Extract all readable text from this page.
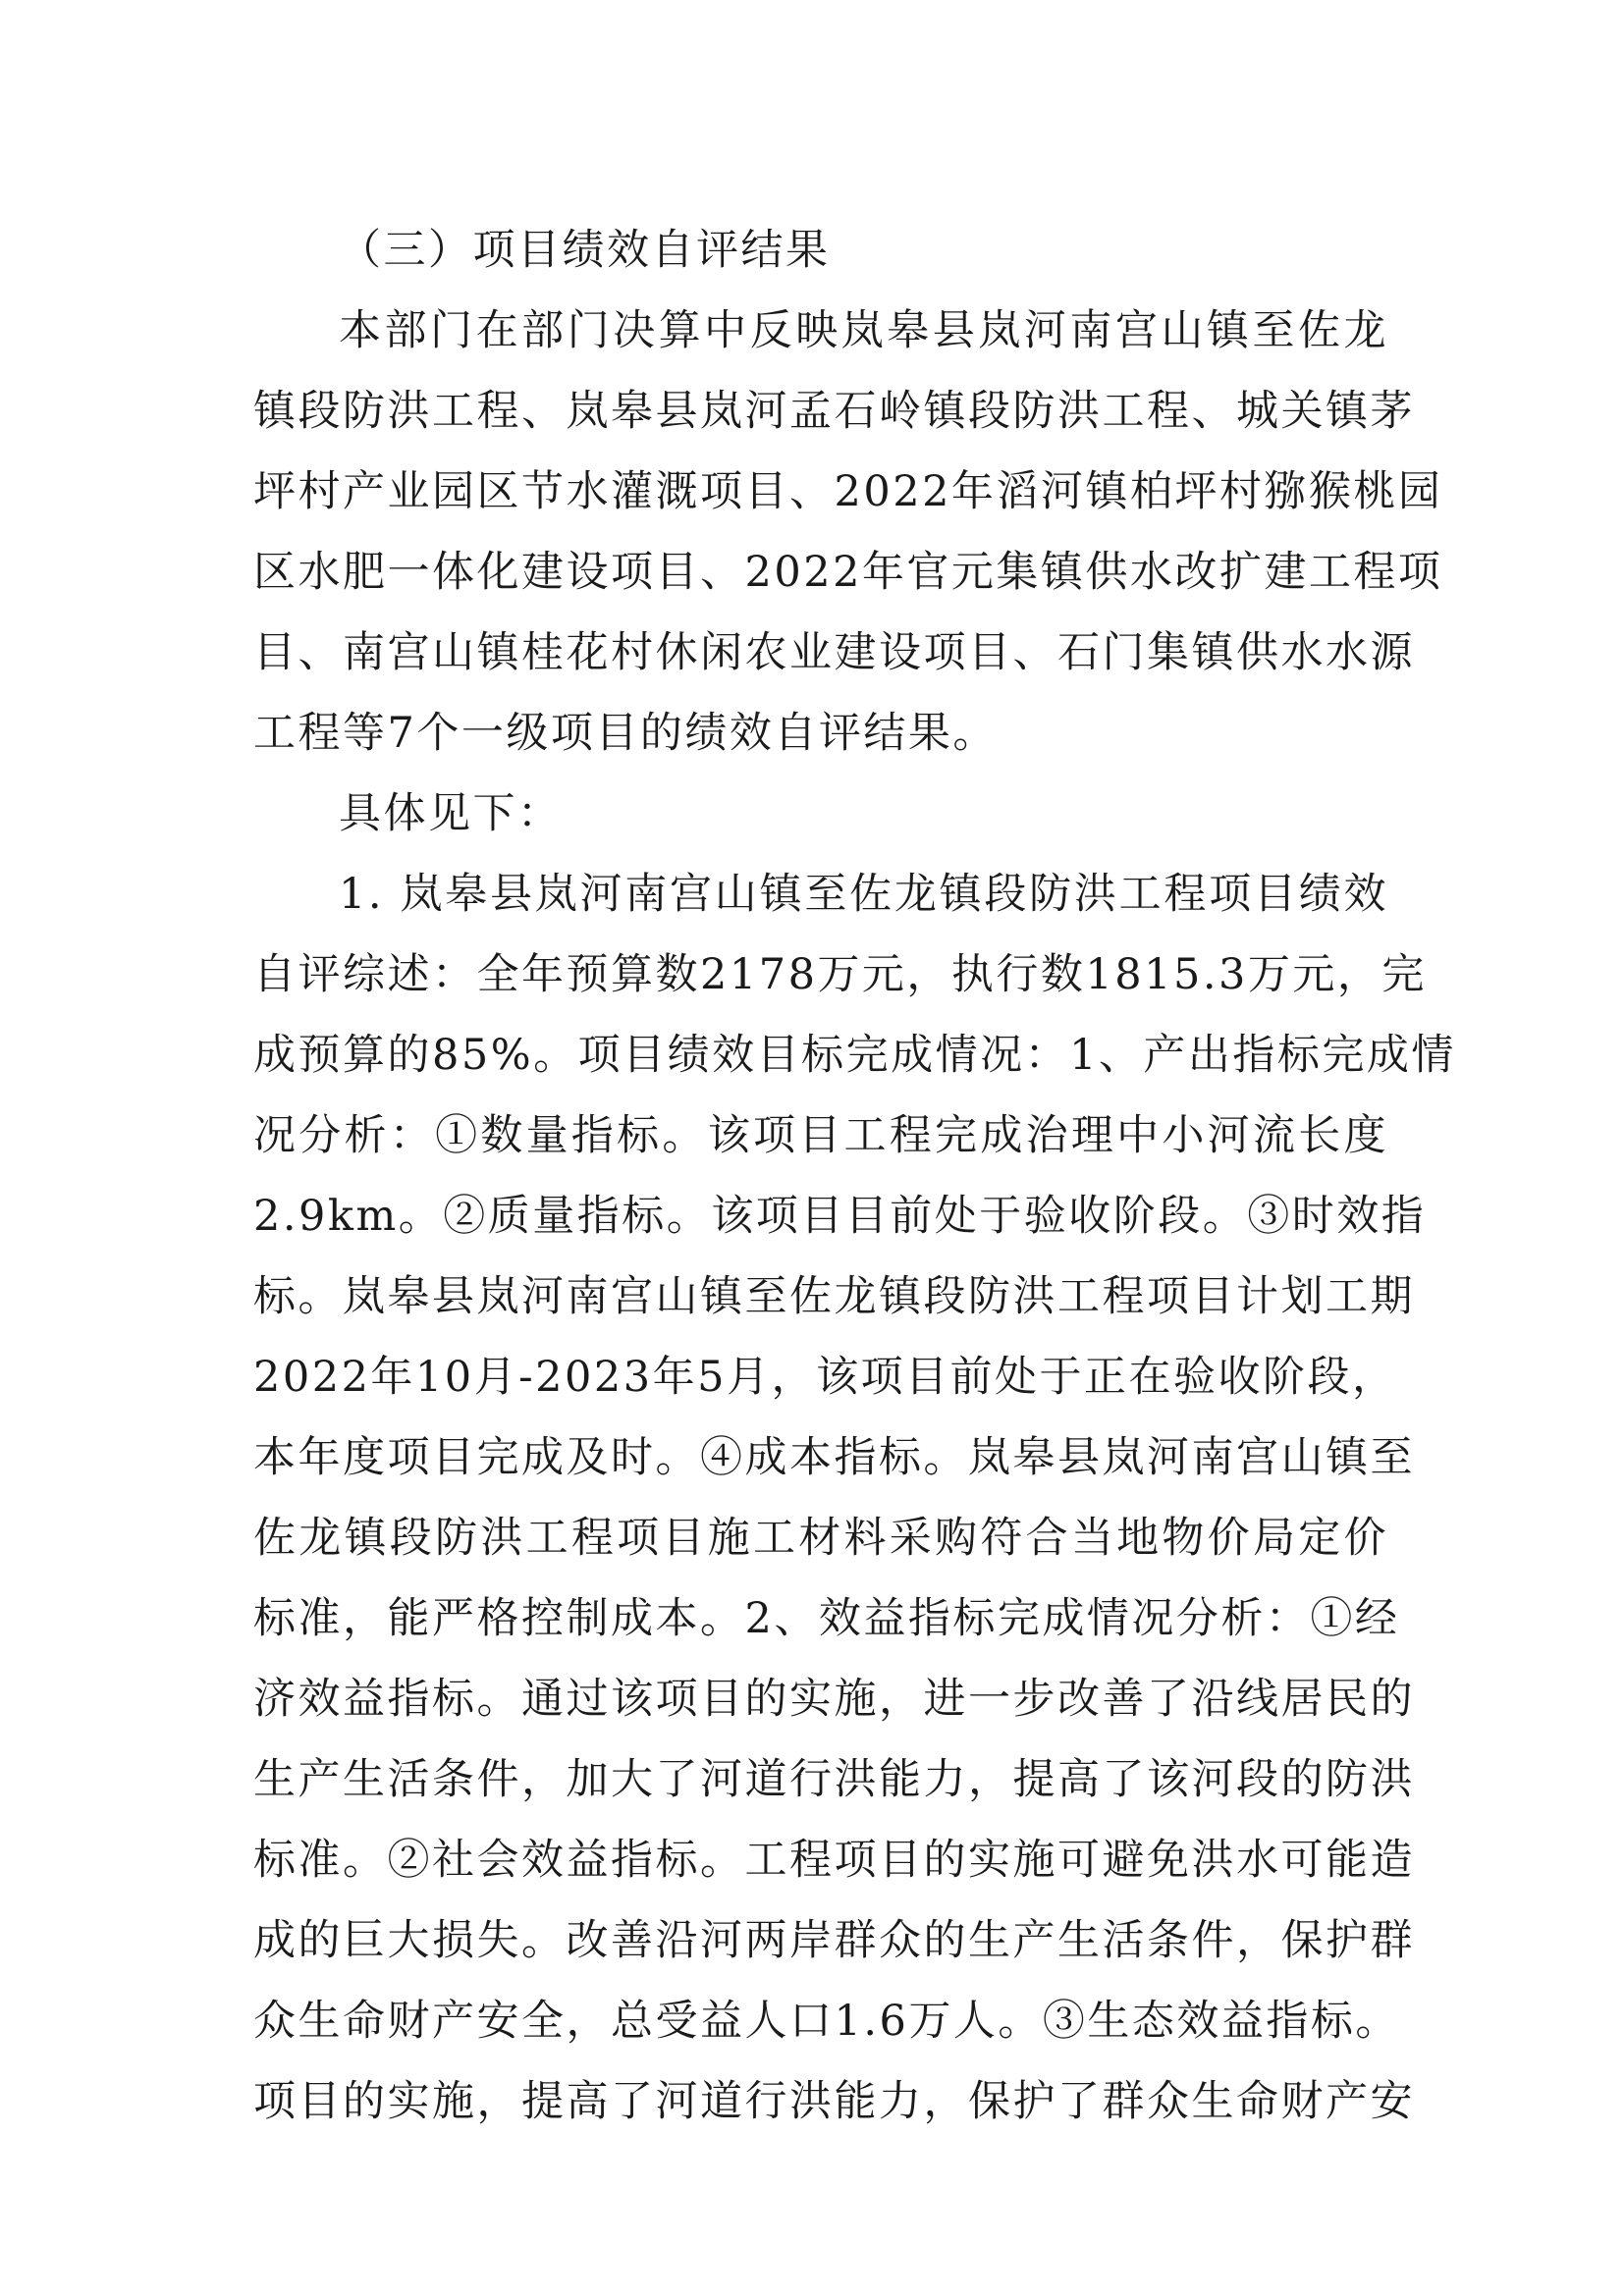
（三）项目绩效自评结果
本部门在部门决算中反映岚皋县岚河南宫山镇至佐龙
镇段防洪工程、岚皋县岚河孟石岭镇段防洪工程、城关镇茅
坪村产业园区节水灌溉项目、2022年滔河镇柏坪村猕猴桃园
区水肥一体化建设项目、2022年官元集镇供水改扩建工程项
目、南宫山镇桂花村休闲农业建设项目、石门集镇供水水源
工程等7个一级项目的绩效自评结果。
具体见下：
1. 岚皋县岚河南宫山镇至佐龙镇段防洪工程项目绩效
自评综述：全年预算数2178万元，执行数1815.3万元，完
成预算的85%。项目绩效目标完成情况：1、产出指标完成情
况分析：①数量指标。该项目工程完成治理中小河流长度
2.9km。②质量指标。该项目目前处于验收阶段。③时效指
标。岚皋县岚河南宫山镇至佐龙镇段防洪工程项目计划工期
2022年10月-2023年5月，该项目前处于正在验收阶段，
本年度项目完成及时。④成本指标。岚皋县岚河南宫山镇至
佐龙镇段防洪工程项目施工材料采购符合当地物价局定价
标准，能严格控制成本。2、效益指标完成情况分析：①经
济效益指标。通过该项目的实施，进一步改善了沿线居民的
生产生活条件，加大了河道行洪能力，提高了该河段的防洪
标准。②社会效益指标。工程项目的实施可避免洪水可能造
成的巨大损失。改善沿河两岸群众的生产生活条件，保护群
众生命财产安全，总受益人口1.6万人。③生态效益指标。
项目的实施，提高了河道行洪能力，保护了群众生命财产安
